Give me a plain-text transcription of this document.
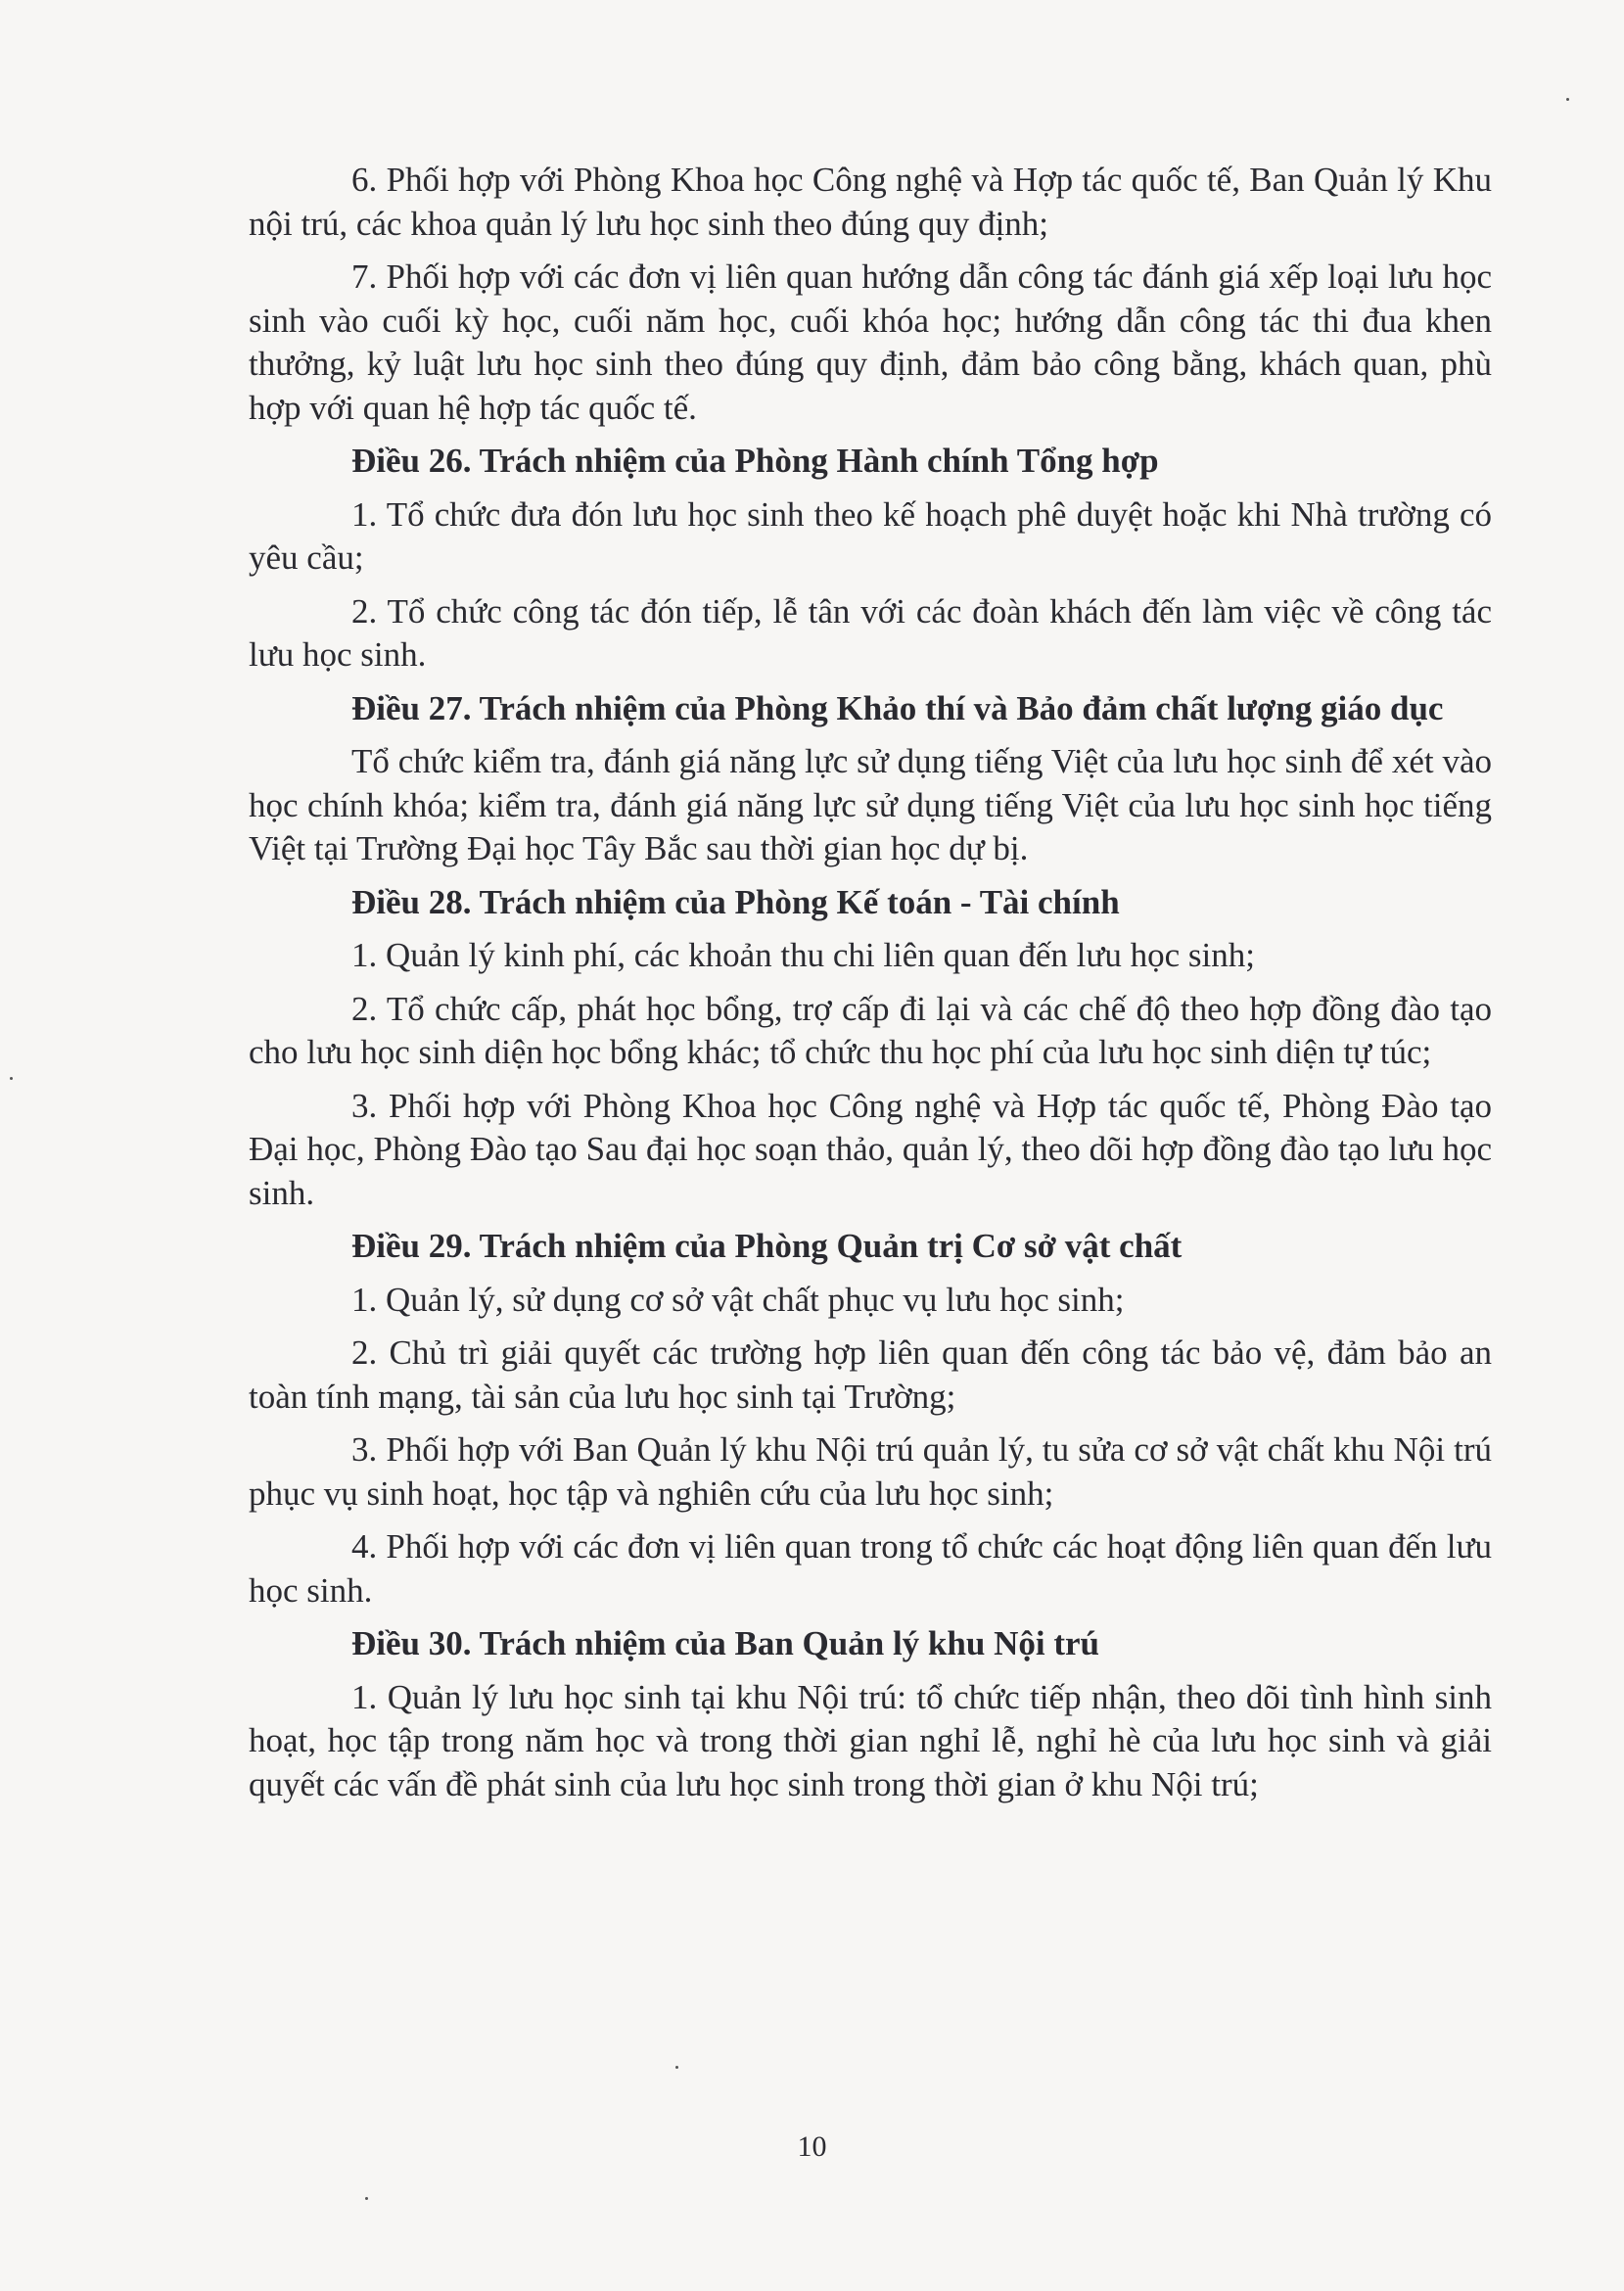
6. Phối hợp với Phòng Khoa học Công nghệ và Hợp tác quốc tế, Ban Quản lý Khu nội trú, các khoa quản lý lưu học sinh theo đúng quy định;

7. Phối hợp với các đơn vị liên quan hướng dẫn công tác đánh giá xếp loại lưu học sinh vào cuối kỳ học, cuối năm học, cuối khóa học; hướng dẫn công tác thi đua khen thưởng, kỷ luật lưu học sinh theo đúng quy định, đảm bảo công bằng, khách quan, phù hợp với quan hệ hợp tác quốc tế.

Điều 26. Trách nhiệm của Phòng Hành chính Tổng hợp

1. Tổ chức đưa đón lưu học sinh theo kế hoạch phê duyệt hoặc khi Nhà trường có yêu cầu;

2. Tổ chức công tác đón tiếp, lễ tân với các đoàn khách đến làm việc về công tác lưu học sinh.

Điều 27. Trách nhiệm của Phòng Khảo thí và Bảo đảm chất lượng giáo dục

Tổ chức kiểm tra, đánh giá năng lực sử dụng tiếng Việt của lưu học sinh để xét vào học chính khóa; kiểm tra, đánh giá năng lực sử dụng tiếng Việt của lưu học sinh học tiếng Việt tại Trường Đại học Tây Bắc sau thời gian học dự bị.

Điều 28. Trách nhiệm của Phòng Kế toán - Tài chính

1. Quản lý kinh phí, các khoản thu chi liên quan đến lưu học sinh;

2. Tổ chức cấp, phát học bổng, trợ cấp đi lại và các chế độ theo hợp đồng đào tạo cho lưu học sinh diện học bổng khác; tổ chức thu học phí của lưu học sinh diện tự túc;

3. Phối hợp với Phòng Khoa học Công nghệ và Hợp tác quốc tế, Phòng Đào tạo Đại học, Phòng Đào tạo Sau đại học soạn thảo, quản lý, theo dõi hợp đồng đào tạo lưu học sinh.

Điều 29. Trách nhiệm của Phòng Quản trị Cơ sở vật chất

1. Quản lý, sử dụng cơ sở vật chất phục vụ lưu học sinh;

2. Chủ trì giải quyết các trường hợp liên quan đến công tác bảo vệ, đảm bảo an toàn tính mạng, tài sản của lưu học sinh tại Trường;

3. Phối hợp với Ban Quản lý khu Nội trú quản lý, tu sửa cơ sở vật chất khu Nội trú phục vụ sinh hoạt, học tập và nghiên cứu của lưu học sinh;

4. Phối hợp với các đơn vị liên quan trong tổ chức các hoạt động liên quan đến lưu học sinh.

Điều 30. Trách nhiệm của Ban Quản lý khu Nội trú

1. Quản lý lưu học sinh tại khu Nội trú: tổ chức tiếp nhận, theo dõi tình hình sinh hoạt, học tập trong năm học và trong thời gian nghỉ lễ, nghỉ hè của lưu học sinh và giải quyết các vấn đề phát sinh của lưu học sinh trong thời gian ở khu Nội trú;

10
